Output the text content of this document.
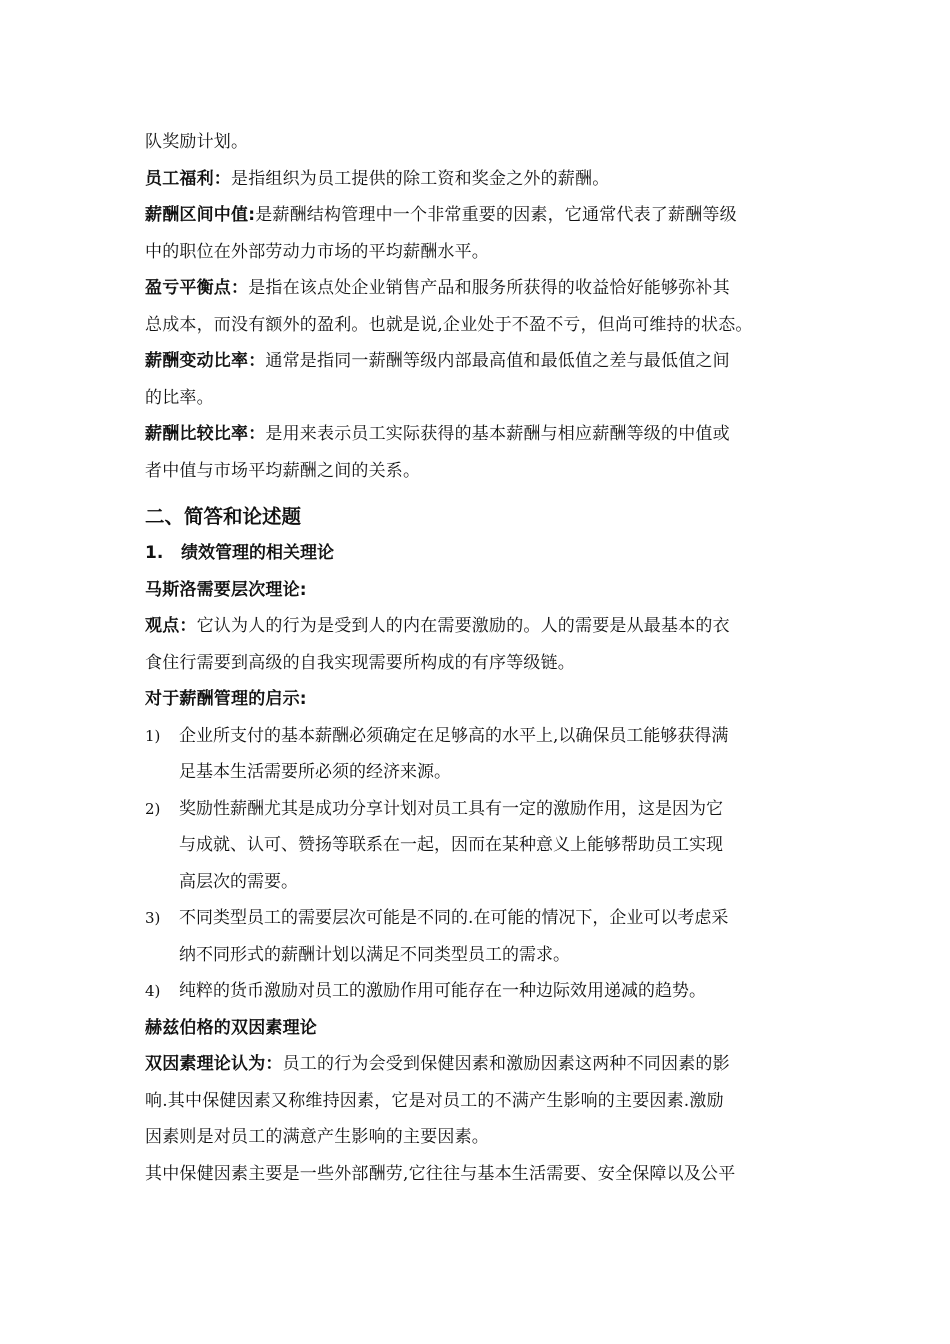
队奖励计划。

员工福利：是指组织为员工提供的除工资和奖金之外的薪酬。

薪酬区间中值:是薪酬结构管理中一个非常重要的因素，它通常代表了薪酬等级

中的职位在外部劳动力市场的平均薪酬水平。

盈亏平衡点：是指在该点处企业销售产品和服务所获得的收益恰好能够弥补其

总成本，而没有额外的盈利。也就是说,企业处于不盈不亏，但尚可维持的状态。

薪酬变动比率：通常是指同一薪酬等级内部最高值和最低值之差与最低值之间

的比率。

薪酬比较比率：是用来表示员工实际获得的基本薪酬与相应薪酬等级的中值或

者中值与市场平均薪酬之间的关系。

二、简答和论述题

1. 绩效管理的相关理论

马斯洛需要层次理论:

观点：它认为人的行为是受到人的内在需要激励的。人的需要是从最基本的衣

食住行需要到高级的自我实现需要所构成的有序等级链。

对于薪酬管理的启示:

1) 企业所支付的基本薪酬必须确定在足够高的水平上,以确保员工能够获得满

足基本生活需要所必须的经济来源。

2) 奖励性薪酬尤其是成功分享计划对员工具有一定的激励作用，这是因为它

与成就、认可、赞扬等联系在一起，因而在某种意义上能够帮助员工实现

高层次的需要。

3) 不同类型员工的需要层次可能是不同的.在可能的情况下，企业可以考虑采

纳不同形式的薪酬计划以满足不同类型员工的需求。

4) 纯粹的货币激励对员工的激励作用可能存在一种边际效用递减的趋势。

赫兹伯格的双因素理论

双因素理论认为：员工的行为会受到保健因素和激励因素这两种不同因素的影

响.其中保健因素又称维持因素，它是对员工的不满产生影响的主要因素.激励

因素则是对员工的满意产生影响的主要因素。

其中保健因素主要是一些外部酬劳,它往往与基本生活需要、安全保障以及公平
